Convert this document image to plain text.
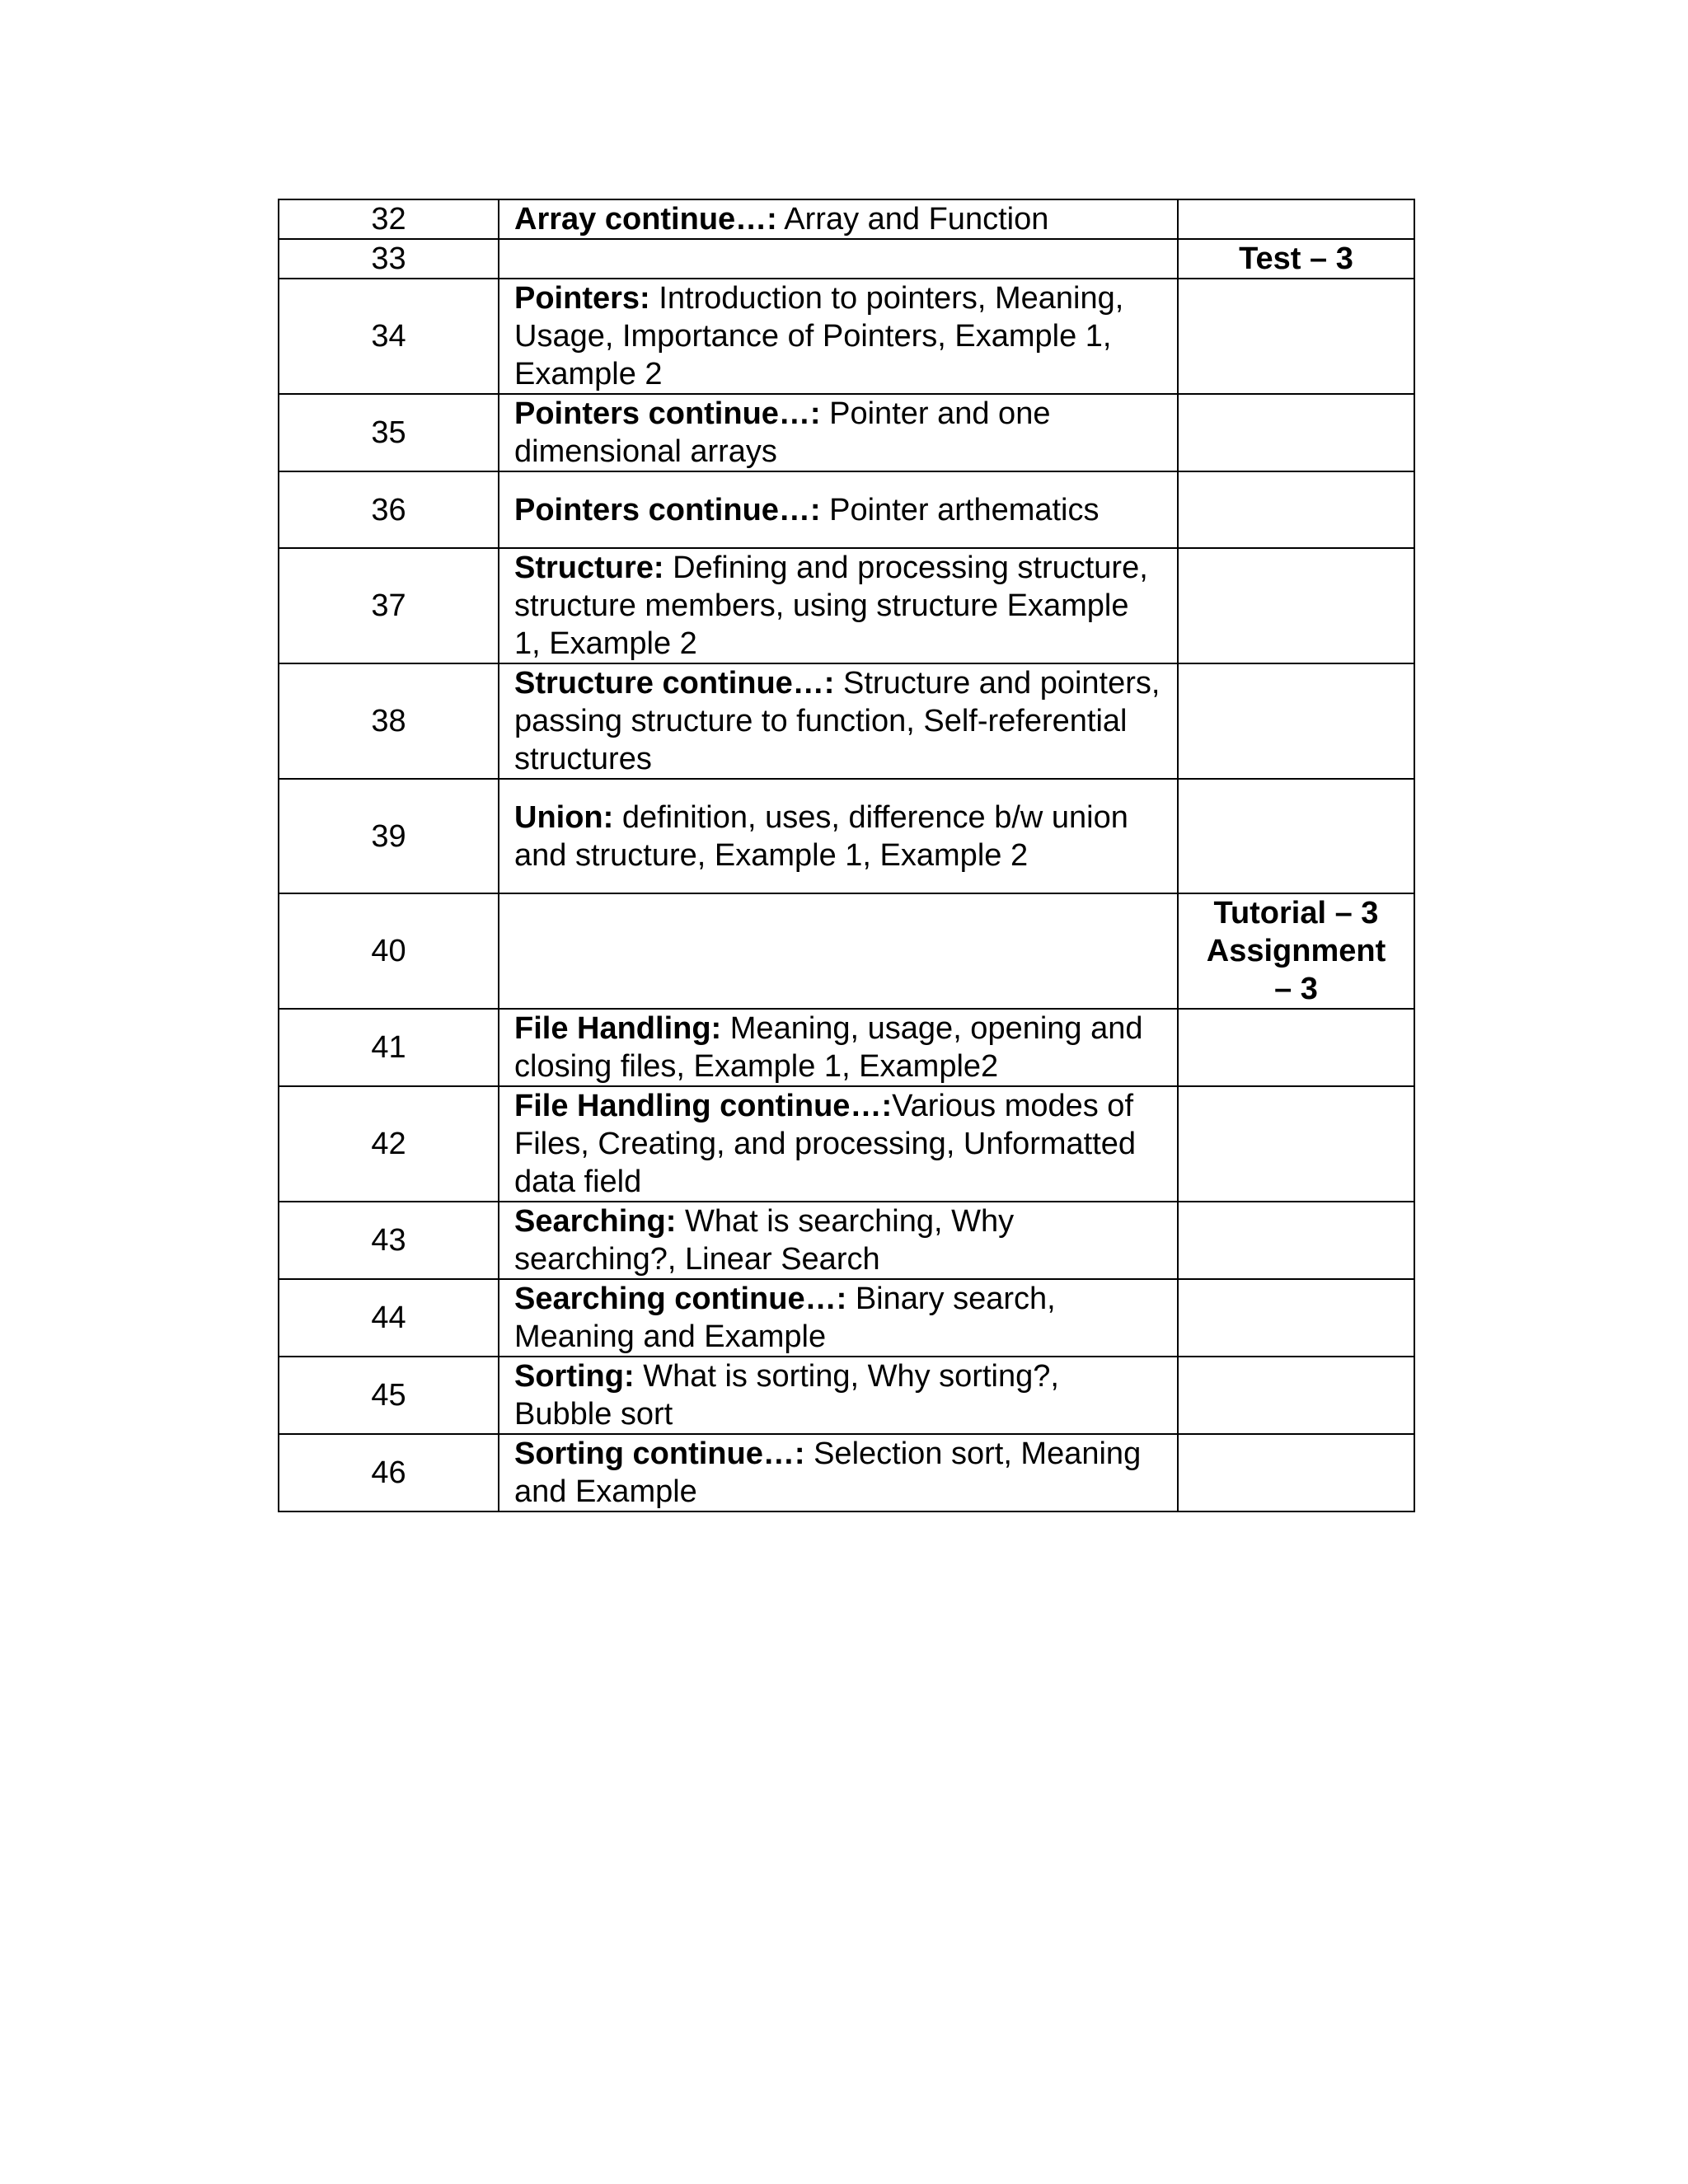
32	Array continue…: Array and Function	
33		Test – 3

34	Pointers: Introduction to pointers, Meaning, Usage, Importance of Pointers, Example 1, Example 2	
35	Pointers continue…: Pointer and one dimensional arrays	
36	Pointers continue…: Pointer arthematics	
37	Structure: Defining and processing structure, structure members, using structure Example 1, Example 2	
38	Structure continue…: Structure and pointers, passing structure to function, Self-referential structures	
39	Union: definition, uses, difference b/w union and structure, Example 1, Example 2	
40		Tutorial – 3
Assignment – 3

41	File Handling: Meaning, usage, opening and closing files, Example 1, Example2	
42	File Handling continue…:Various modes of Files, Creating, and processing, Unformatted data field	
43	Searching: What is searching, Why searching?, Linear Search	
44	Searching continue…: Binary search, Meaning and Example	
45	Sorting: What is sorting, Why sorting?, Bubble sort	
46	Sorting continue…: Selection sort, Meaning and Example	
